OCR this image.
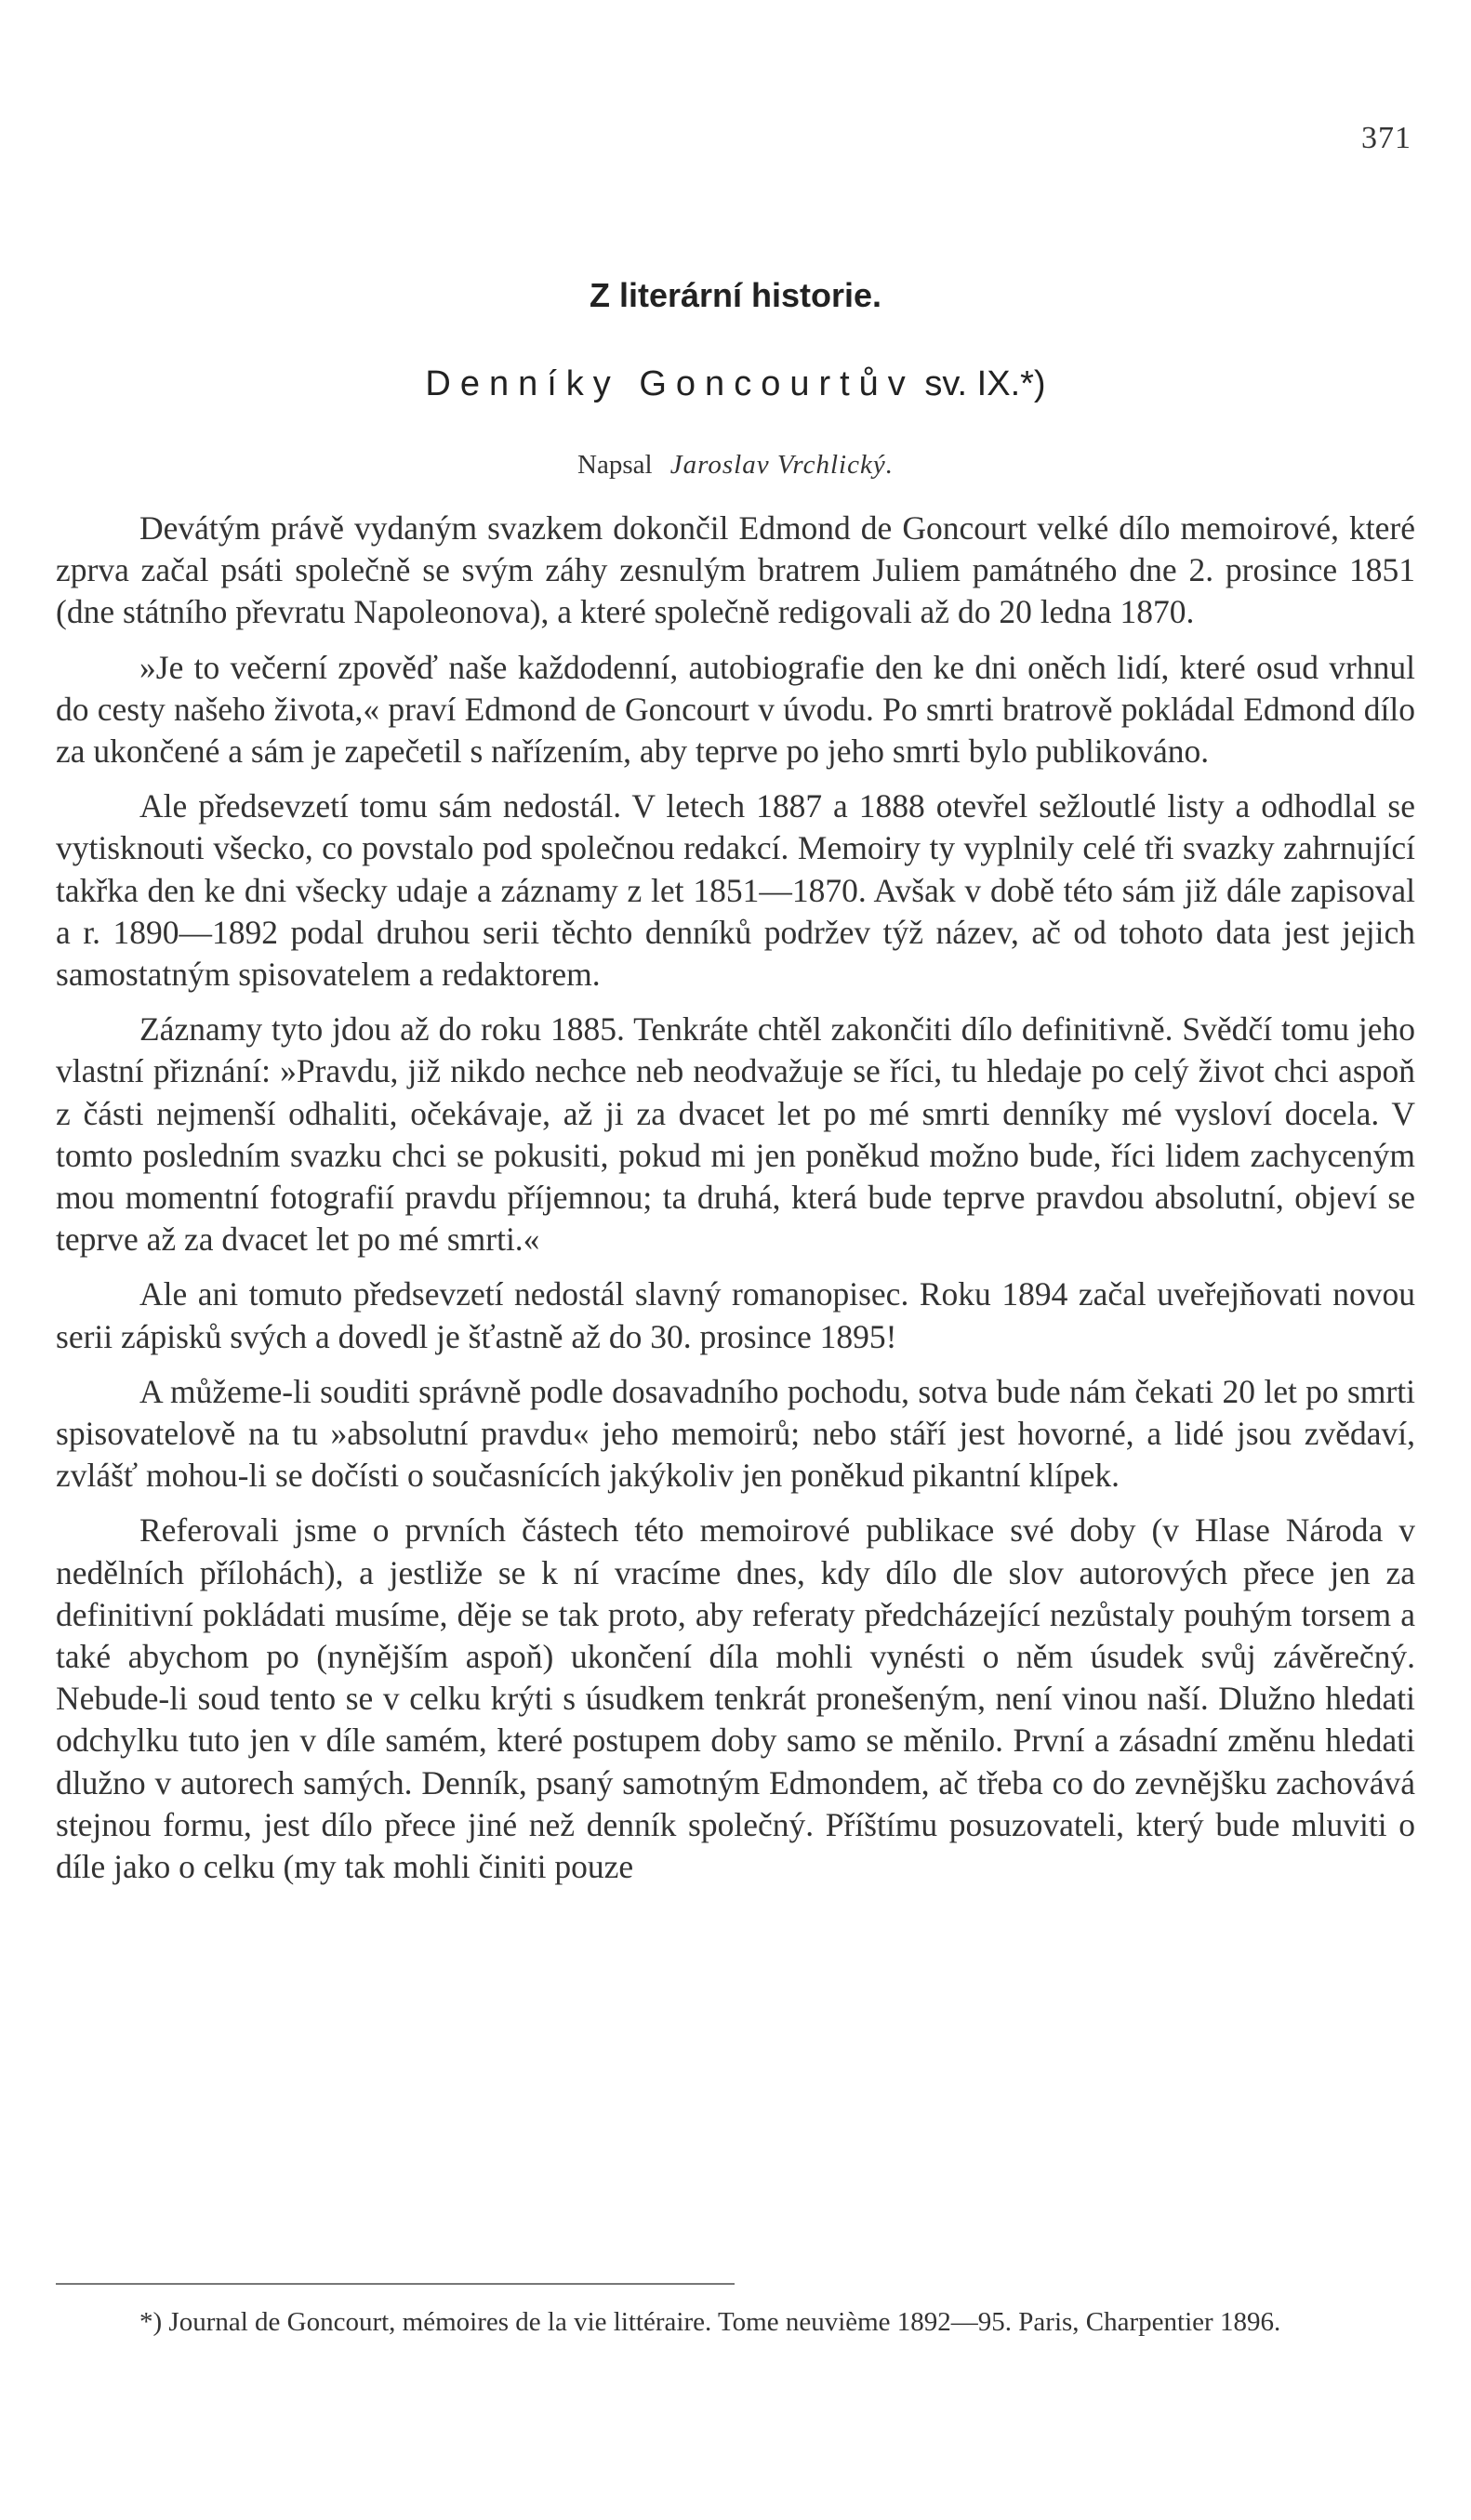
371
Z literární historie.
Denníky Goncourtův sv. IX.*)
Napsal Jaroslav Vrchlický.

Devátým právě vydaným svazkem dokončil Edmond de Goncourt velké dílo memoirové, které zprva začal psáti společně se svým záhy zesnulým bratrem Juliem památného dne 2. prosince 1851 (dne státního převratu Napoleonova), a které společně redigovali až do 20 ledna 1870.

»Je to večerní zpověď naše každodenní, autobiografie den ke dni oněch lidí, které osud vrhnul do cesty našeho života,« praví Edmond de Goncourt v úvodu. Po smrti bratrově pokládal Edmond dílo za ukončené a sám je zapečetil s nařízením, aby teprve po jeho smrti bylo publikováno.

Ale předsevzetí tomu sám nedostál. V letech 1887 a 1888 otevřel sežloutlé listy a odhodlal se vytisknouti všecko, co povstalo pod společnou redakcí. Memoiry ty vyplnily celé tři svazky zahrnující takřka den ke dni všecky udaje a záznamy z let 1851—1870. Avšak v době této sám již dále zapisoval a r. 1890—1892 podal druhou serii těchto denníků podržev týž název, ač od tohoto data jest jejich samostatným spisovatelem a redaktorem.

Záznamy tyto jdou až do roku 1885. Tenkráte chtěl zakončiti dílo definitivně. Svědčí tomu jeho vlastní přiznání: »Pravdu, již nikdo nechce neb neodvažuje se říci, tu hledaje po celý život chci aspoň z části nejmenší odhaliti, očekávaje, až ji za dvacet let po mé smrti denníky mé vysloví docela. V tomto posledním svazku chci se pokusiti, pokud mi jen poněkud možno bude, říci lidem zachyceným mou momentní fotografií pravdu příjemnou; ta druhá, která bude teprve pravdou absolutní, objeví se teprve až za dvacet let po mé smrti.«

Ale ani tomuto předsevzetí nedostál slavný romanopisec. Roku 1894 začal uveřejňovati novou serii zápisků svých a dovedl je šťastně až do 30. prosince 1895!

A můžeme-li souditi správně podle dosavadního pochodu, sotva bude nám čekati 20 let po smrti spisovatelově na tu »absolutní pravdu« jeho memoirů; nebo stáří jest hovorné, a lidé jsou zvědaví, zvlášť mohou-li se dočísti o současnících jakýkoliv jen poněkud pikantní klípek.

Referovali jsme o prvních částech této memoirové publikace své doby (v Hlase Národa v nedělních přílohách), a jestliže se k ní vracíme dnes, kdy dílo dle slov autorových přece jen za definitivní pokládati musíme, děje se tak proto, aby referaty předcházející nezůstaly pouhým torsem a také abychom po (nynějším aspoň) ukončení díla mohli vynésti o něm úsudek svůj závěrečný. Nebude-li soud tento se v celku krýti s úsudkem tenkrát pronešeným, není vinou naší. Dlužno hledati odchylku tuto jen v díle samém, které postupem doby samo se měnilo. První a zásadní změnu hledati dlužno v autorech samých. Denník, psaný samotným Edmondem, ač třeba co do zevnějšku zachovává stejnou formu, jest dílo přece jiné než denník společný. Příštímu posuzovateli, který bude mluviti o díle jako o celku (my tak mohli činiti pouze

*) Journal de Goncourt, mémoires de la vie littéraire. Tome neuvième 1892—95. Paris, Charpentier 1896.
